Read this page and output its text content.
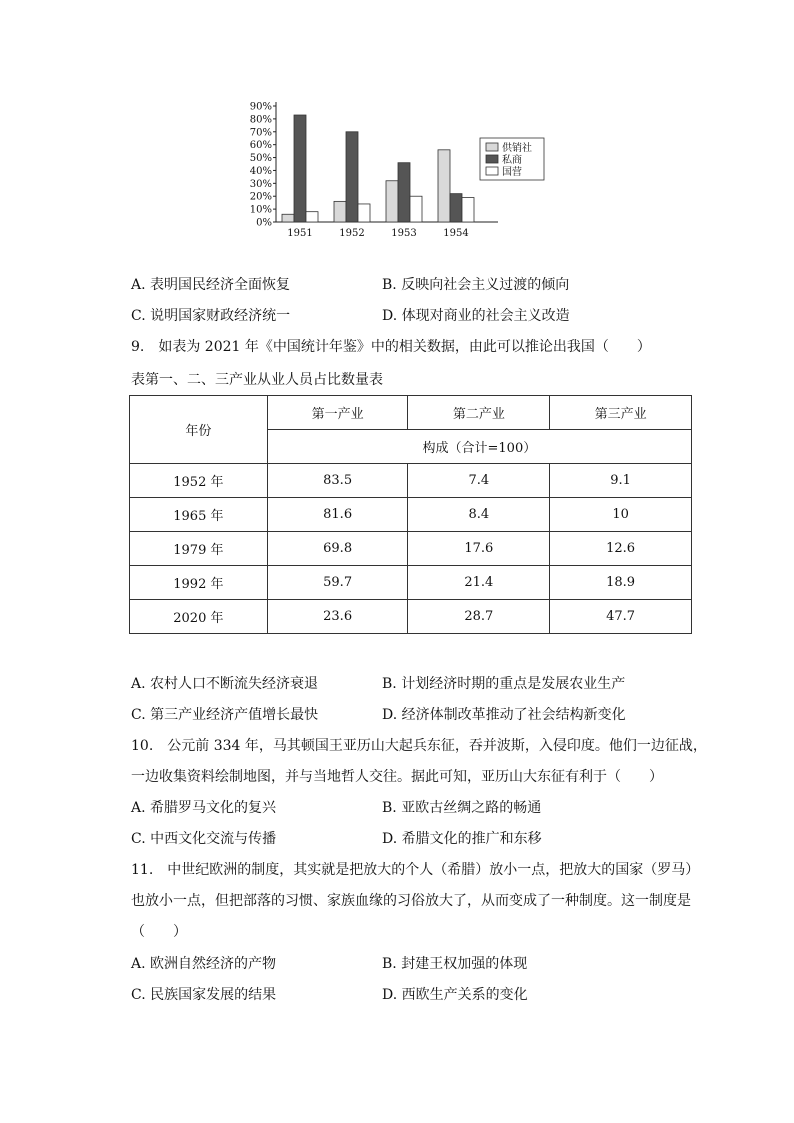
0%
10%
20%
30%
40%
50%
60%
70%
80%
90%
1951	1952	1953	1954
供销社
私商
国营
A. 表明国民经济全面恢复	B. 反映向社会主义过渡的倾向
C. 说明国家财政经济统一	D. 体现对商业的社会主义改造
9.　如表为 2021 年《中国统计年鉴》中的相关数据，由此可以推论出我国（　　）
表第一、二、三产业从业人员占比数量表
年份	第一产业	第二产业	第三产业
	构成（合计=100）		
1952 年	83.5	7.4	9.1
1965 年	81.6	8.4	10
1979 年	69.8	17.6	12.6
1992 年	59.7	21.4	18.9
2020 年	23.6	28.7	47.7
A. 农村人口不断流失经济衰退	B. 计划经济时期的重点是发展农业生产
C. 第三产业经济产值增长最快	D. 经济体制改革推动了社会结构新变化
10.　公元前 334 年，马其顿国王亚历山大起兵东征，吞并波斯，入侵印度。他们一边征战，
一边收集资料绘制地图，并与当地哲人交往。据此可知，亚历山大东征有利于（　　）
A. 希腊罗马文化的复兴	B. 亚欧古丝绸之路的畅通
C. 中西文化交流与传播	D. 希腊文化的推广和东移
11.　中世纪欧洲的制度，其实就是把放大的个人（希腊）放小一点，把放大的国家（罗马）
也放小一点，但把部落的习惯、家族血缘的习俗放大了，从而变成了一种制度。这一制度是
（　　）
A. 欧洲自然经济的产物	B. 封建王权加强的体现
C. 民族国家发展的结果	D. 西欧生产关系的变化
